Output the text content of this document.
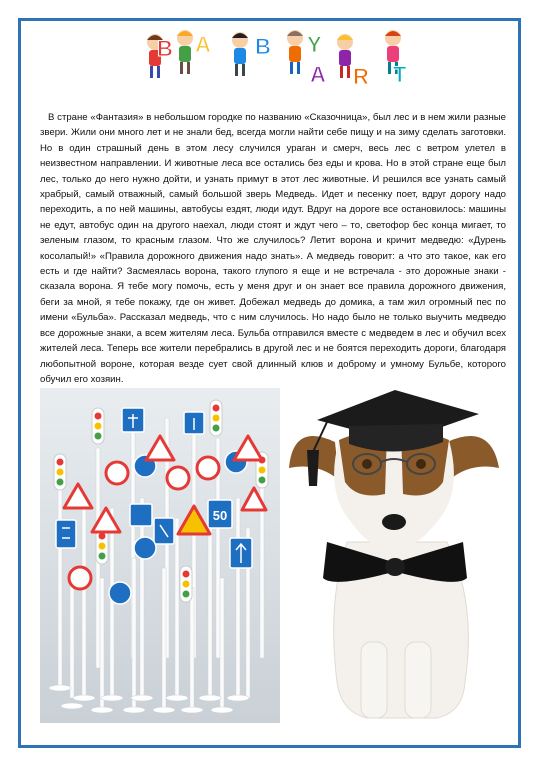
B A B Y
A R T

В стране «Фантазия» в небольшом городке по названию «Сказочница», был лес и в нем жили разные звери. Жили они много лет и не знали бед, всегда могли найти себе пищу и на зиму сделать заготовки. Но в один страшный день в этом лесу случился ураган и смерч, весь лес с ветром улетел в неизвестном направлении. И животные леса все остались без еды и крова. Но в этой стране еще был лес, только до него нужно дойти, и узнать примут в этот лес животные. И решился все узнать самый храбрый, самый отважный, самый большой зверь Медведь. Идет и песенку поет, вдруг дорогу надо переходить, а по ней машины, автобусы ездят, люди идут. Вдруг на дороге все остановилось: машины не едут, автобус один на другого наехал, люди стоят и ждут чего – то, светофор бес конца мигает, то зеленым глазом, то красным глазом. Что же случилось? Летит ворона и кричит медведю: «Дурень косолапый!» «Правила дорожного движения надо знать». А медведь говорит: а что это такое, как его есть и где найти? Засмеялась ворона, такого глупого я еще и не встречала - это дорожные знаки - сказала ворона. Я тебе могу помочь, есть у меня друг и он знает все правила дорожного движения, беги за мной, я тебе покажу, где он живет. Добежал медведь до домика, а там жил огромный пес по имени «Бульба». Рассказал медведь, что с ним случилось. Но надо было не только выучить медведю все дорожные знаки, а всем жителям леса. Бульба отправился вместе с медведем в лес и обучил всех жителей леса. Теперь все жители перебрались в другой лес и не боятся переходить дороги, благодаря любопытной вороне, которая везде сует свой длинный клюв и доброму и умному Бульбе, которого обучил его хозяин.

50
